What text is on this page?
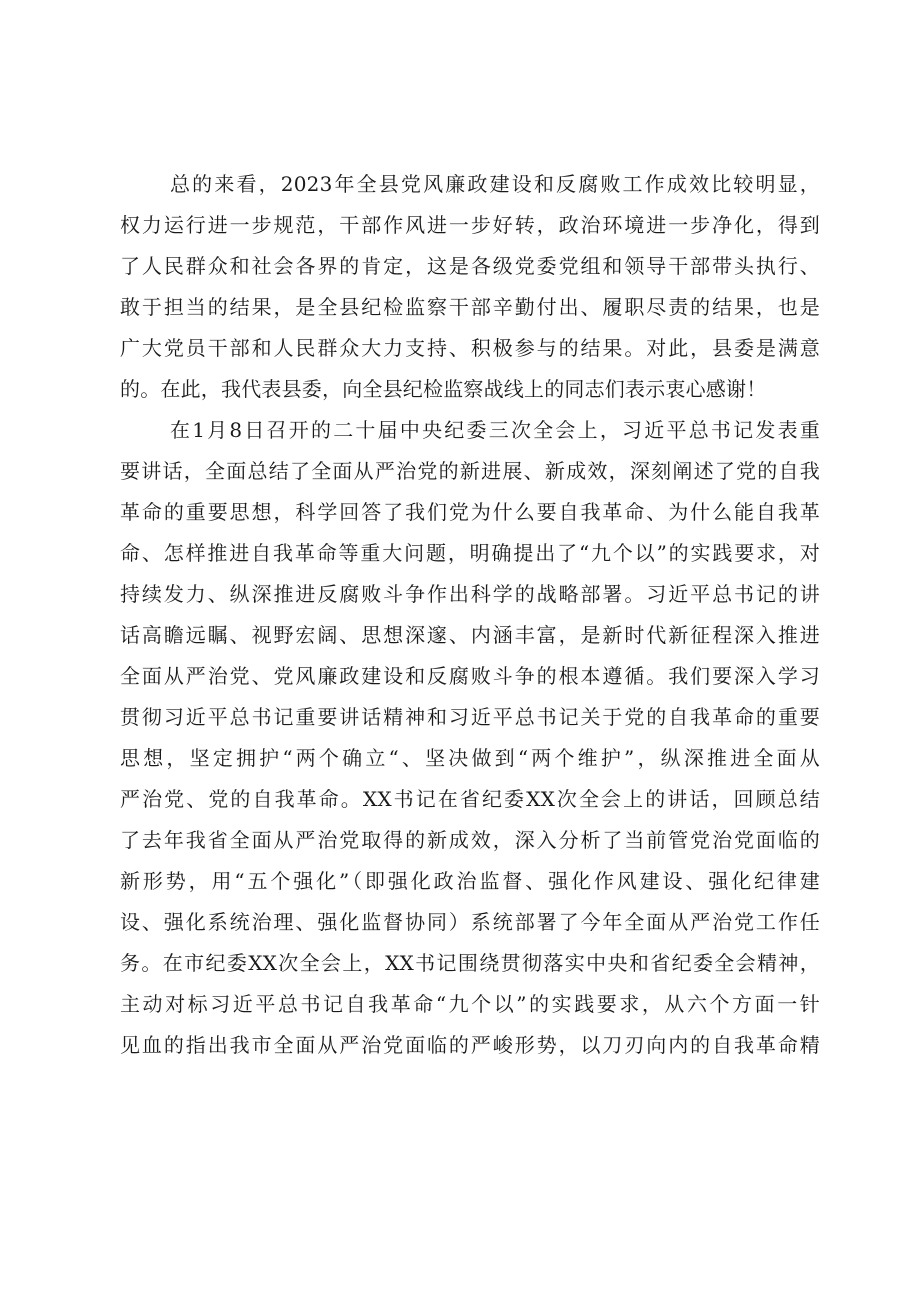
总的来看，2023年全县党风廉政建设和反腐败工作成效比较明显，
权力运行进一步规范，干部作风进一步好转，政治环境进一步净化，得到
了人民群众和社会各界的肯定，这是各级党委党组和领导干部带头执行、
敢于担当的结果，是全县纪检监察干部辛勤付出、履职尽责的结果，也是
广大党员干部和人民群众大力支持、积极参与的结果。对此，县委是满意
的。在此，我代表县委，向全县纪检监察战线上的同志们表示衷心感谢！
在1月8日召开的二十届中央纪委三次全会上，习近平总书记发表重
要讲话，全面总结了全面从严治党的新进展、新成效，深刻阐述了党的自我
革命的重要思想，科学回答了我们党为什么要自我革命、为什么能自我革
命、怎样推进自我革命等重大问题，明确提出了“九个以”的实践要求，对
持续发力、纵深推进反腐败斗争作出科学的战略部署。习近平总书记的讲
话高瞻远瞩、视野宏阔、思想深邃、内涵丰富，是新时代新征程深入推进
全面从严治党、党风廉政建设和反腐败斗争的根本遵循。我们要深入学习
贯彻习近平总书记重要讲话精神和习近平总书记关于党的自我革命的重要
思想，坚定拥护“两个确立“、坚决做到“两个维护”，纵深推进全面从
严治党、党的自我革命。XX书记在省纪委XX次全会上的讲话，回顾总结
了去年我省全面从严治党取得的新成效，深入分析了当前管党治党面临的
新形势，用“五个强化”（即强化政治监督、强化作风建设、强化纪律建
设、强化系统治理、强化监督协同）系统部署了今年全面从严治党工作任
务。在市纪委XX次全会上，XX书记围绕贯彻落实中央和省纪委全会精神，
主动对标习近平总书记自我革命“九个以”的实践要求，从六个方面一针
见血的指出我市全面从严治党面临的严峻形势，以刀刃向内的自我革命精
